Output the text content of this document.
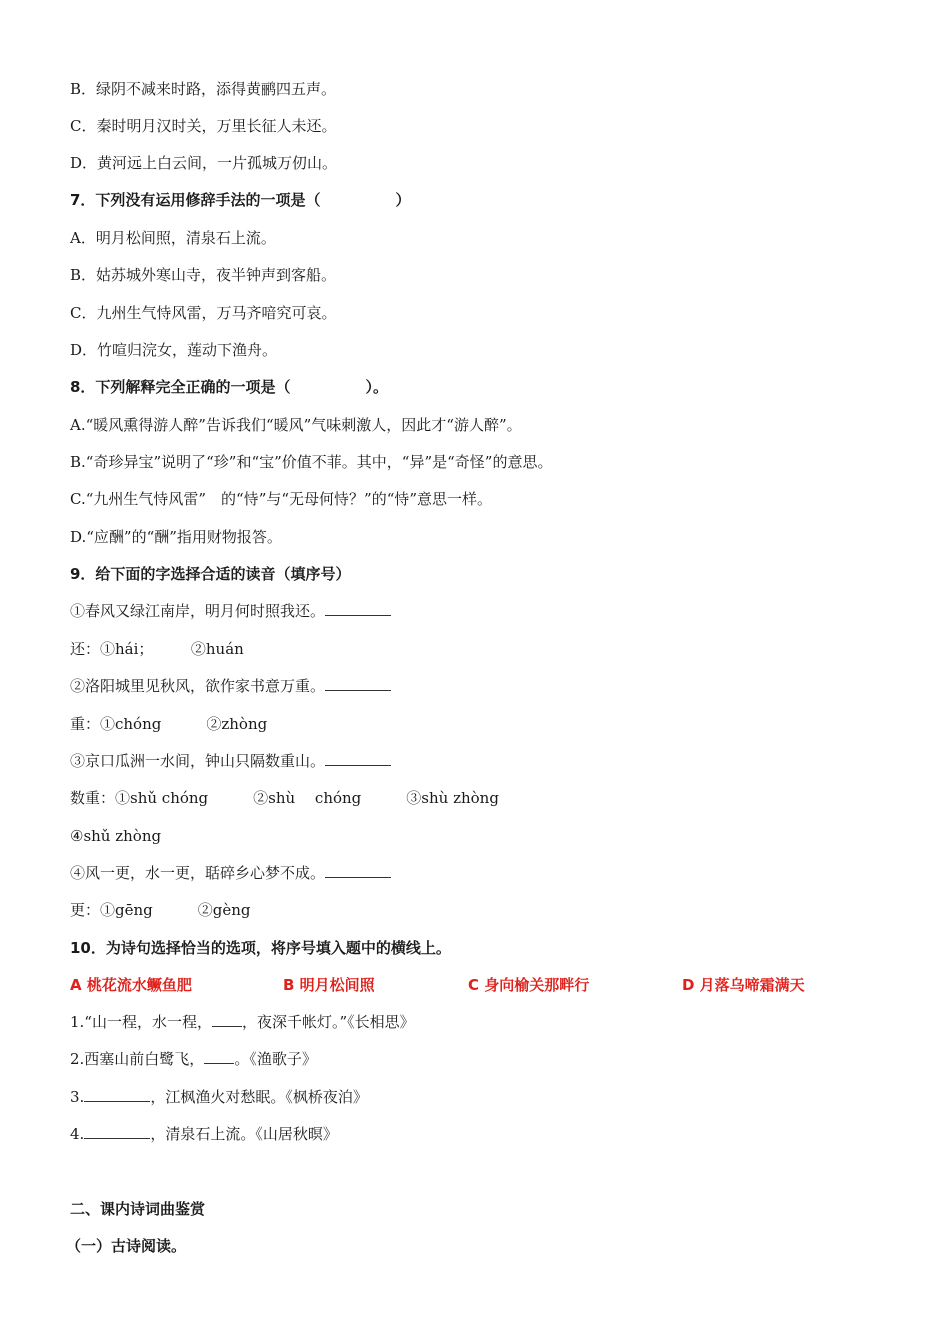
B．绿阴不减来时路，添得黄鹂四五声。
C．秦时明月汉时关，万里长征人未还。
D．黄河远上白云间，一片孤城万仞山。
7．下列没有运用修辞手法的一项是（　　　　　）
A．明月松间照，清泉石上流。
B．姑苏城外寒山寺，夜半钟声到客船。
C．九州生气恃风雷，万马齐喑究可哀。
D．竹喧归浣女，莲动下渔舟。
8．下列解释完全正确的一项是（　　　　　）。
A.“暖风熏得游人醉”告诉我们“暖风”气味刺激人，因此才“游人醉”。
B.“奇珍异宝”说明了“珍”和“宝”价值不菲。其中，“异”是“奇怪”的意思。
C.“九州生气恃风雷”　的“恃”与“无母何恃？”的“恃”意思一样。
D.“应酬”的“酬”指用财物报答。
9．给下面的字选择合适的读音（填序号）
①春风又绿江南岸，明月何时照我还。
还：①hái；　　　②huán
②洛阳城里见秋风，欲作家书意万重。
重：①chóng　　　②zhòng
③京口瓜洲一水间，钟山只隔数重山。
数重：①shǔ chóng　　　②shù　 chóng　　　③shù zhòng
④shǔ zhòng
④风一更，水一更，聒碎乡心梦不成。
更：①gēng　　　②gèng
10．为诗句选择恰当的选项，将序号填入题中的横线上。
A 桃花流水鳜鱼肥	B 明月松间照	C 身向榆关那畔行	D 月落乌啼霜满天
1.“山一程，水一程， ，夜深千帐灯。”《长相思》
2.西塞山前白鹭飞， 。《渔歌子》
3.	，江枫渔火对愁眠。《枫桥夜泊》
4.	，清泉石上流。《山居秋暝》
二、课内诗词曲鉴赏
（一）古诗阅读。
